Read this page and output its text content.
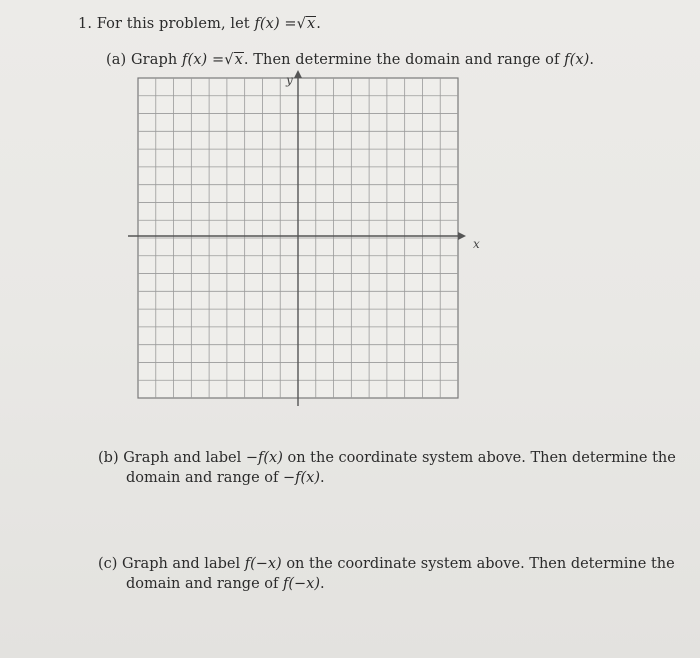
1. For this problem, let f(x) =√x.
(a) Graph f(x) =√x. Then determine the domain and range of f(x).
x
y
(b) Graph and label −f(x) on the coordinate system above. Then determine the
domain and range of −f(x).
(c) Graph and label f(−x) on the coordinate system above. Then determine the
domain and range of f(−x).
